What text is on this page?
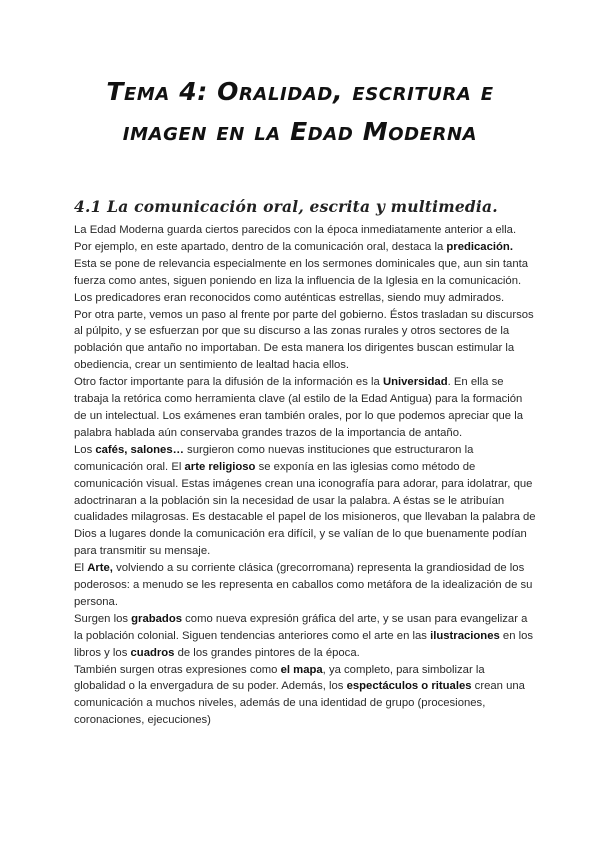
Tema 4: Oralidad, escritura e
imagen en la Edad Moderna
4.1 La comunicación oral, escrita y multimedia.

La Edad Moderna guarda ciertos parecidos con la época inmediatamente anterior a ella. Por ejemplo, en este apartado, dentro de la comunicación oral, destaca la predicación. Esta se pone de relevancia especialmente en los sermones dominicales que, aun sin tanta fuerza como antes, siguen poniendo en liza la influencia de la Iglesia en la comunicación. Los predicadores eran reconocidos como auténticas estrellas, siendo muy admirados.

Por otra parte, vemos un paso al frente por parte del gobierno. Éstos trasladan su discursos al púlpito, y se esfuerzan por que su discurso a las zonas rurales y otros sectores de la población que antaño no importaban. De esta manera los dirigentes buscan estimular la obediencia, crear un sentimiento de lealtad hacia ellos.

Otro factor importante para la difusión de la información es la Universidad. En ella se trabaja la retórica como herramienta clave (al estilo de la Edad Antigua) para la formación de un intelectual. Los exámenes eran también orales, por lo que podemos apreciar que la palabra hablada aún conservaba grandes trazos de la importancia de antaño.

Los cafés, salones… surgieron como nuevas instituciones que estructuraron la comunicación oral. El arte religioso se exponía en las iglesias como método de comunicación visual. Estas imágenes crean una iconografía para adorar, para idolatrar, que adoctrinaran a la población sin la necesidad de usar la palabra. A éstas se le atribuían cualidades milagrosas. Es destacable el papel de los misioneros, que llevaban la palabra de Dios a lugares donde la comunicación era difícil, y se valían de lo que buenamente podían para transmitir su mensaje.

El Arte, volviendo a su corriente clásica (grecorromana) representa la grandiosidad de los poderosos: a menudo se les representa en caballos como metáfora de la idealización de su persona.

Surgen los grabados como nueva expresión gráfica del arte, y se usan para evangelizar a la población colonial. Siguen tendencias anteriores como el arte en las ilustraciones en los libros y los cuadros de los grandes pintores de la época.

También surgen otras expresiones como el mapa, ya completo, para simbolizar la globalidad o la envergadura de su poder. Además, los espectáculos o rituales crean una comunicación a muchos niveles, además de una identidad de grupo (procesiones, coronaciones, ejecuciones)
